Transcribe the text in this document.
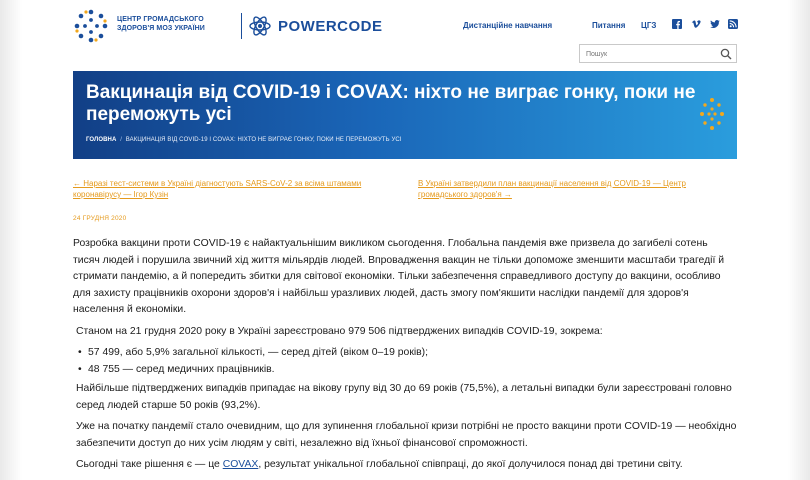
ЦЕНТР ГРОМАДСЬКОГО
ЗДОРОВ'Я МОЗ УКРАЇНИ	POWERCODE	Дистанційне навчання	Питання ЦГЗ
Пошук
Вакцинація від COVID-19 і COVAX: ніхто не виграє гонку, поки не переможуть усі
ГОЛОВНА / ВАКЦИНАЦІЯ ВІД COVID-19 І COVAX: НІХТО НЕ ВИГРАЄ ГОНКУ, ПОКИ НЕ ПЕРЕМОЖУТЬ УСІ
← Наразі тест-системи в Україні діагностують SARS-CoV-2 за всіма штамами коронавірусу — Ігор Кузін
В Україні затвердили план вакцинації населення від COVID-19 — Центр громадського здоров'я →
24 ГРУДНЯ 2020

Розробка вакцини проти COVID-19 є найактуальнішим викликом сьогодення. Глобальна пандемія вже призвела до загибелі сотень тисяч людей і порушила звичний хід життя мільярдів людей. Впровадження вакцин не тільки допоможе зменшити масштаби трагедії й стримати пандемію, а й попередить збитки для світової економіки. Тільки забезпечення справедливого доступу до вакцини, особливо для захисту працівників охорони здоров'я і найбільш уразливих людей, дасть змогу пом'якшити наслідки пандемії для здоров'я населення й економіки.

Станом на 21 грудня 2020 року в Україні зареєстровано 979 506 підтверджених випадків COVID-19, зокрема:

• 57 499, або 5,9% загальної кількості, — серед дітей (віком 0–19 років);
• 48 755 — серед медичних працівників.

Найбільше підтверджених випадків припадає на вікову групу від 30 до 69 років (75,5%), а летальні випадки були зареєстровані головно серед людей старше 50 років (93,2%).

Уже на початку пандемії стало очевидним, що для зупинення глобальної кризи потрібні не просто вакцини проти COVID-19 — необхідно забезпечити доступ до них усім людям у світі, незалежно від їхньої фінансової спроможності.

Сьогодні таке рішення є — це COVAX, результат унікальної глобальної співпраці, до якої долучилося понад дві третини світу.
